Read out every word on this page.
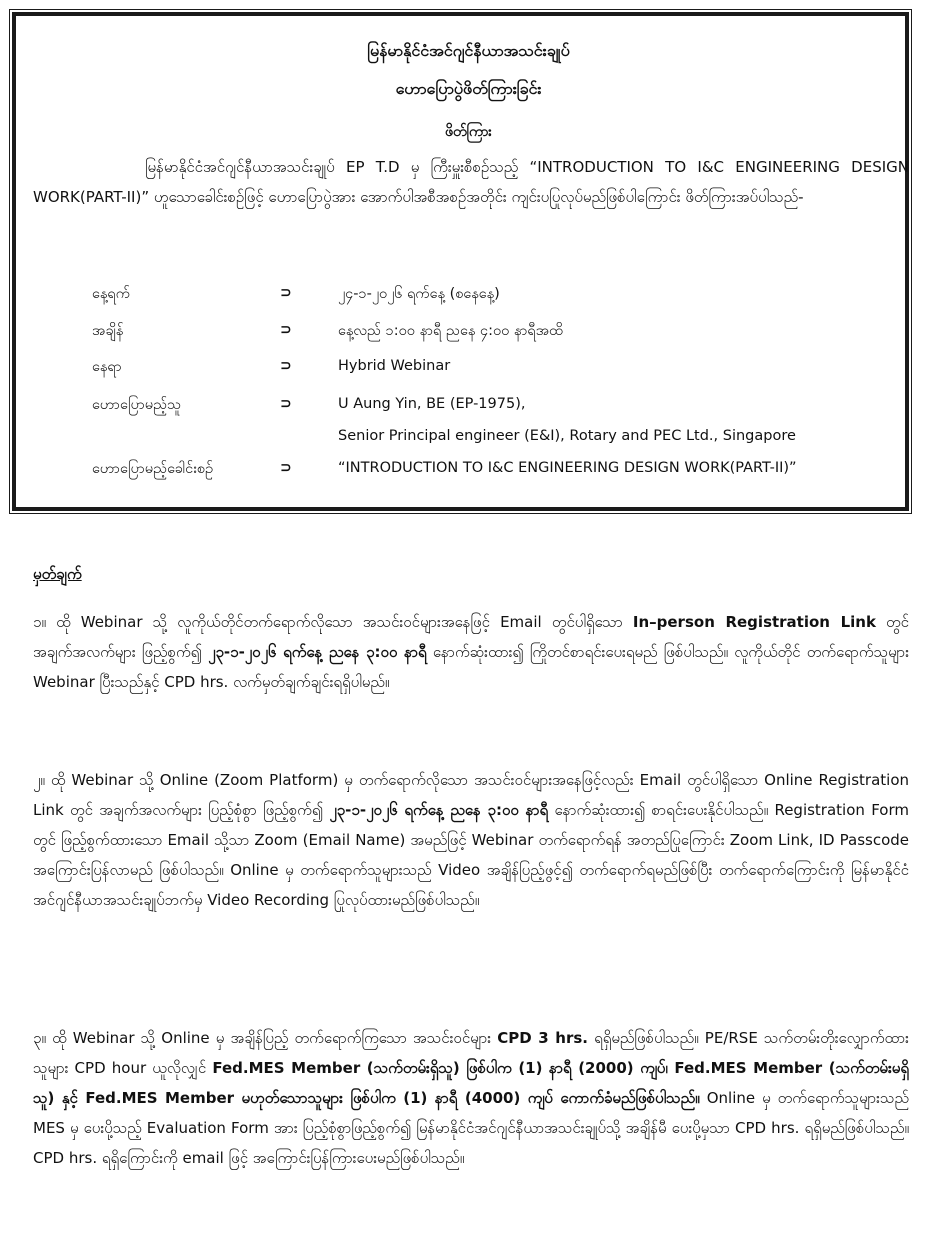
မြန်မာနိုင်ငံအင်ဂျင်နီယာအသင်းချုပ်
ဟောပြောပွဲဖိတ်ကြားခြင်း
ဖိတ်ကြား
မြန်မာနိုင်ငံအင်ဂျင်နီယာအသင်းချုပ် EP T.D မှ ကြီးမှူးစီစဉ်သည့် “INTRODUCTION TO I&C ENGINEERING DESIGN WORK(PART-II)” ဟူသောခေါင်းစဉ်ဖြင့် ဟောပြောပွဲအား အောက်ပါအစီအစဉ်အတိုင်း ကျင်းပပြုလုပ်မည်ဖြစ်ပါကြောင်း ဖိတ်ကြားအပ်ပါသည်-
နေ့ရက်	⊃	၂၄-၁-၂၀၂၆ ရက်နေ့ (စနေနေ့)
အချိန်	⊃	နေ့လည် ၁:၀၀ နာရီ ညနေ ၄:၀၀ နာရီအထိ
နေရာ	⊃	Hybrid Webinar
ဟောပြောမည့်သူ	⊃	U Aung Yin, BE (EP-1975),
Senior Principal engineer (E&I), Rotary and PEC Ltd., Singapore
ဟောပြောမည့်ခေါင်းစဉ်	⊃	“INTRODUCTION TO I&C ENGINEERING DESIGN WORK(PART-II)”
မှတ်ချက်
၁။ ထို Webinar သို့ လူကိုယ်တိုင်တက်ရောက်လိုသော အသင်းဝင်များအနေဖြင့် Email တွင်ပါရှိသော In–person Registration Link တွင် အချက်အလက်များ ဖြည့်စွက်၍ ၂၃-၁-၂၀၂၆ ရက်နေ့ ညနေ ၃:၀၀ နာရီ နောက်ဆုံးထား၍ ကြိုတင်စာရင်းပေးရမည် ဖြစ်ပါသည်။ လူကိုယ်တိုင် တက်ရောက်သူများ Webinar ပြီးသည်နှင့် CPD hrs. လက်မှတ်ချက်ချင်းရရှိပါမည်။
၂။ ထို Webinar သို့ Online (Zoom Platform) မှ တက်ရောက်လိုသော အသင်းဝင်များအနေဖြင့်လည်း Email တွင်ပါရှိသော Online Registration Link တွင် အချက်အလက်များ ပြည့်စုံစွာ ဖြည့်စွက်၍ ၂၃-၁-၂၀၂၆ ရက်နေ့ ညနေ ၃:၀၀ နာရီ နောက်ဆုံးထား၍ စာရင်းပေးနိုင်ပါသည်။ Registration Form တွင် ဖြည့်စွက်ထားသော Email သို့သာ Zoom (Email Name) အမည်ဖြင့် Webinar တက်ရောက်ရန် အတည်ပြုကြောင်း Zoom Link, ID Passcode အကြောင်းပြန်လာမည် ဖြစ်ပါသည်။ Online မှ တက်ရောက်သူများသည် Video အချိန်ပြည့်ဖွင့်၍ တက်ရောက်ရမည်ဖြစ်ပြီး တက်ရောက်ကြောင်းကို မြန်မာနိုင်ငံအင်ဂျင်နီယာအသင်းချုပ်ဘက်မှ Video Recording ပြုလုပ်ထားမည်ဖြစ်ပါသည်။
၃။ ထို Webinar သို့ Online မှ အချိန်ပြည့် တက်ရောက်ကြသော အသင်းဝင်များ CPD 3 hrs. ရရှိမည်ဖြစ်ပါသည်။ PE/RSE သက်တမ်းတိုးလျှောက်ထားသူများ CPD hour ယူလိုလျှင် Fed.MES Member (သက်တမ်းရှိသူ) ဖြစ်ပါက (1) နာရီ (2000) ကျပ်၊ Fed.MES Member (သက်တမ်းမရှိသူ) နှင့် Fed.MES Member မဟုတ်သောသူများ ဖြစ်ပါက (1) နာရီ (4000) ကျပ် ကောက်ခံမည်ဖြစ်ပါသည်။ Online မှ တက်ရောက်သူများသည် MES မှ ပေးပို့သည့် Evaluation Form အား ပြည့်စုံစွာဖြည့်စွက်၍ မြန်မာနိုင်ငံအင်ဂျင်နီယာအသင်းချုပ်သို့ အချိန်မီ ပေးပို့မှသာ CPD hrs. ရရှိမည်ဖြစ်ပါသည်။ CPD hrs. ရရှိကြောင်းကို email ဖြင့် အကြောင်းပြန်ကြားပေးမည်ဖြစ်ပါသည်။
